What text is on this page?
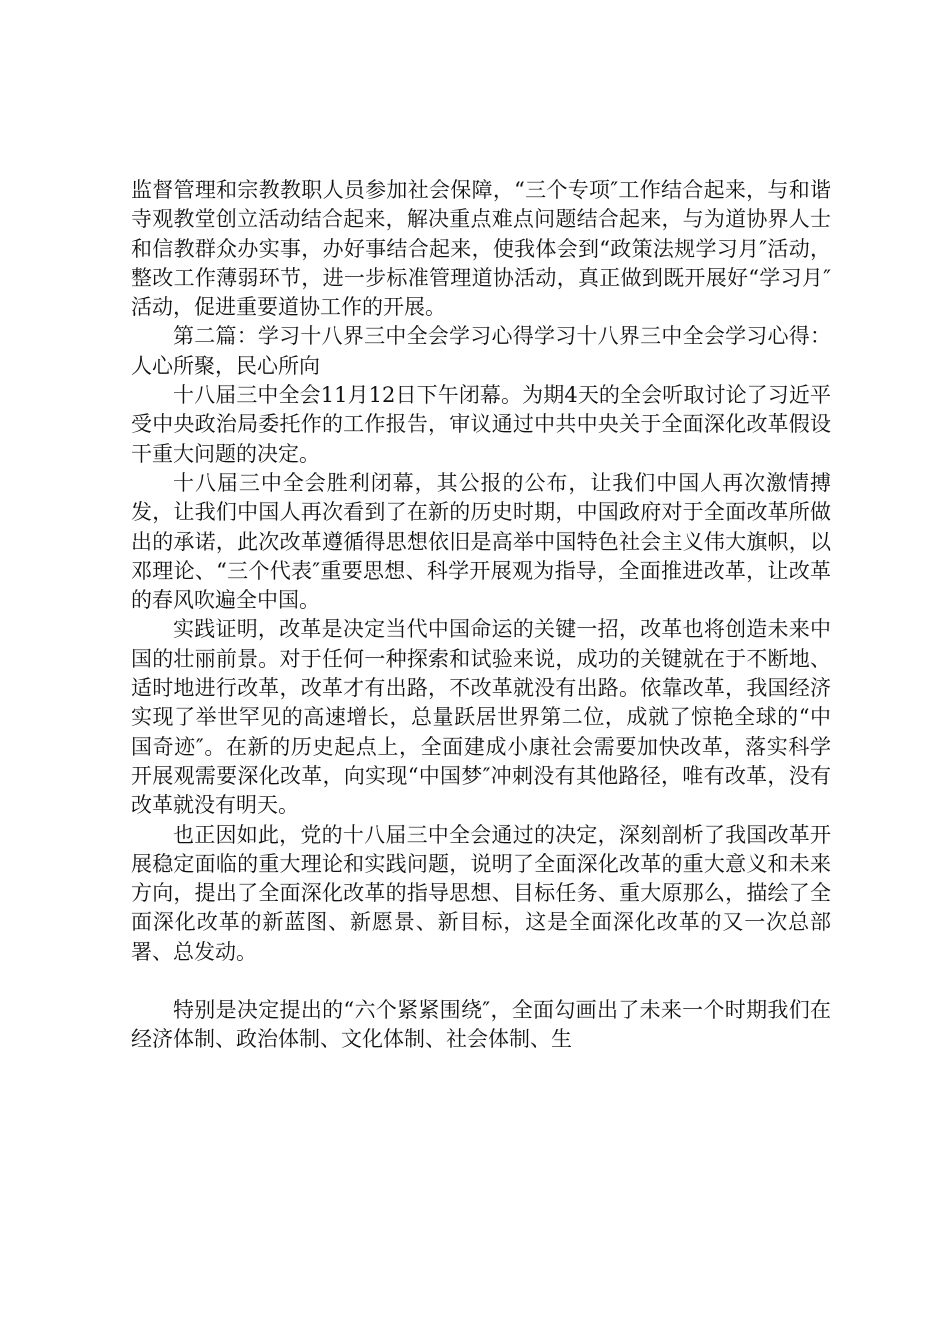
监督管理和宗教教职人员参加社会保障，“三个专项″工作结合起来，与和谐寺观教堂创立活动结合起来，解决重点难点问题结合起来，与为道协界人士和信教群众办实事，办好事结合起来，使我体会到“政策法规学习月″活动，整改工作薄弱环节，进一步标准管理道协活动，真正做到既开展好“学习月″活动，促进重要道协工作的开展。

第二篇：学习十八界三中全会学习心得学习十八界三中全会学习心得：人心所聚，民心所向

十八届三中全会11月12日下午闭幕。为期4天的全会听取讨论了习近平受中央政治局委托作的工作报告，审议通过中共中央关于全面深化改革假设干重大问题的决定。

十八届三中全会胜利闭幕，其公报的公布，让我们中国人再次激情搏发，让我们中国人再次看到了在新的历史时期，中国政府对于全面改革所做出的承诺，此次改革遵循得思想依旧是高举中国特色社会主义伟大旗帜，以邓理论、“三个代表″重要思想、科学开展观为指导，全面推进改革，让改革的春风吹遍全中国。

实践证明，改革是决定当代中国命运的关键一招，改革也将创造未来中国的壮丽前景。对于任何一种探索和试验来说，成功的关键就在于不断地、适时地进行改革，改革才有出路，不改革就没有出路。依靠改革，我国经济实现了举世罕见的高速增长，总量跃居世界第二位，成就了惊艳全球的“中国奇迹″。在新的历史起点上，全面建成小康社会需要加快改革，落实科学开展观需要深化改革，向实现“中国梦″冲刺没有其他路径，唯有改革，没有改革就没有明天。

也正因如此，党的十八届三中全会通过的决定，深刻剖析了我国改革开展稳定面临的重大理论和实践问题，说明了全面深化改革的重大意义和未来方向，提出了全面深化改革的指导思想、目标任务、重大原那么，描绘了全面深化改革的新蓝图、新愿景、新目标，这是全面深化改革的又一次总部署、总发动。

特别是决定提出的“六个紧紧围绕″，全面勾画出了未来一个时期我们在经济体制、政治体制、文化体制、社会体制、生
